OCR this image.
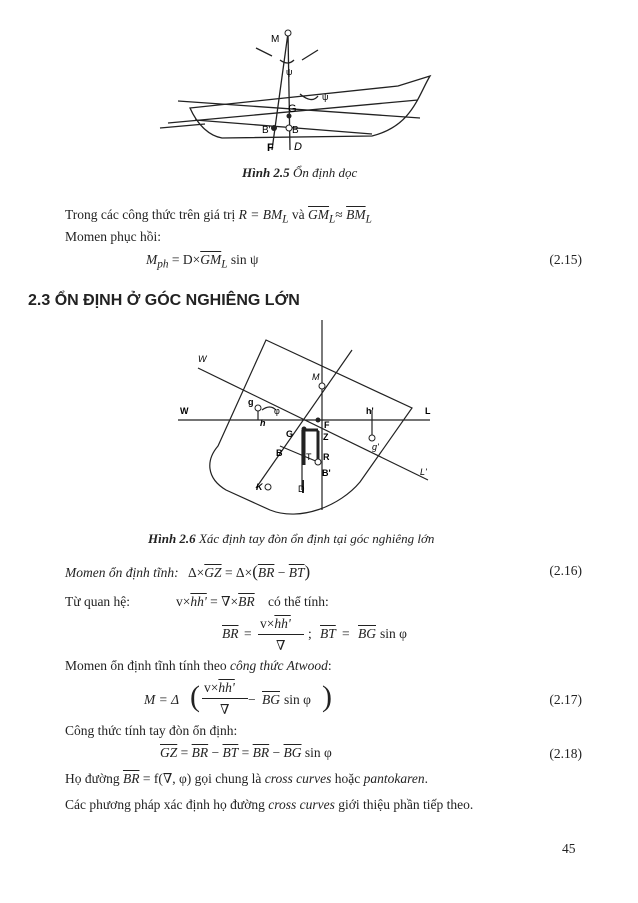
M
ψ
ψ
G
B' B
F D
Hình 2.5 Ổn định dọc
Trong các công thức trên giá trị $R = BM_L$ và $\overline{GM}_L\approx \overline{BM}_L$
Momen phục hồi:
$M_{ph} = D\times\overline{GM}_L$ sin ψ	(2.15)
2.3 ỔN ĐỊNH Ở GÓC NGHIÊNG LỚN
W
W	L
L'
M
g
h
φ	h'
g'
F
G	Z
B	T R
B'
K	D
Hình 2.6 Xác định tay đòn ổn định tại góc nghiêng lớn
Momen ổn định tĩnh: $\Delta\times\overline{GZ} = \Delta\times(\overline{BR} - \overline{BT})$	(2.16)
Từ quan hệ:	$v\times hh' = \nabla\times\overline{BR}$ có thể tính:
$\overline{BR}$ =
v×hh'
∇
; $\overline{BT} = \overline{BG}$ sin φ
Momen ổn định tĩnh tính theo công thức Atwood:
M = Δ ( v×hh'
∇
− $\overline{BG}$ sin φ )	(2.17)
Công thức tính tay đòn ổn định:
$\overline{GZ} = \overline{BR} - \overline{BT} = \overline{BR} - \overline{BG}$ sin φ	(2.18)
Họ đường $\overline{BR} = f(\nabla$, φ) gọi chung là cross curves hoặc pantokaren.
Các phương pháp xác định họ đường cross curves giới thiệu phần tiếp theo.
45
